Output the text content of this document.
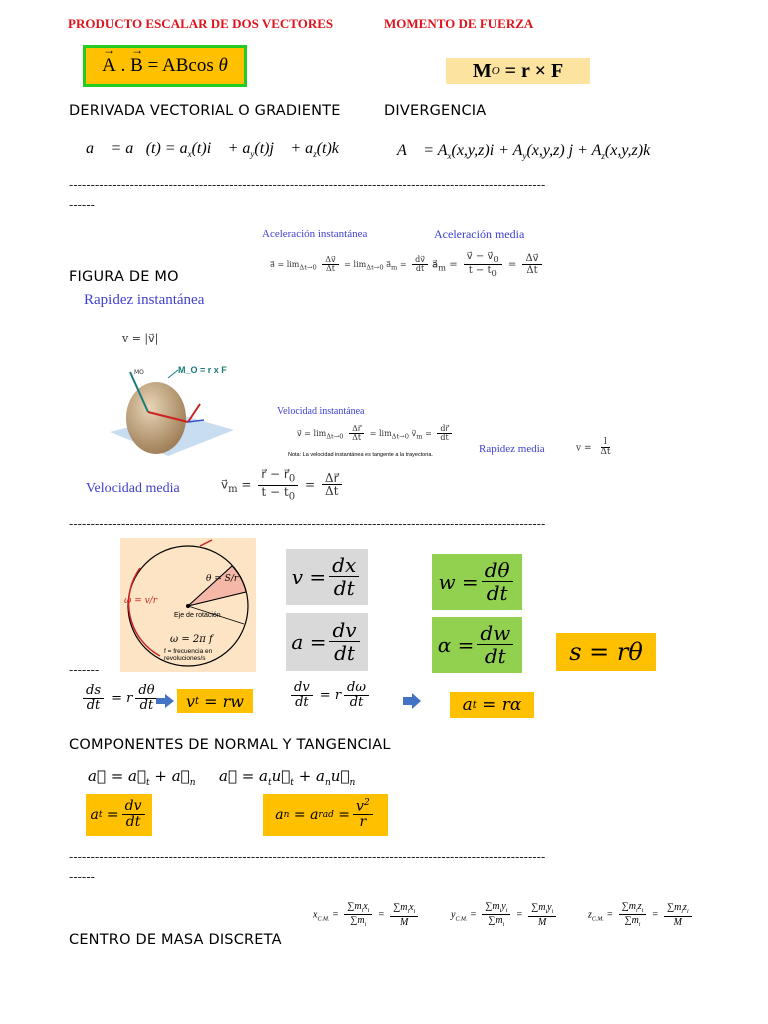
PRODUCTO ESCALAR DE DOS VECTORES	MOMENTO DE FUERZA
A
→
. B
→
= ABcos θ	M O = r × F
DERIVADA VECTORIAL O GRADIENTE	DIVERGENCIA
a⃗ = a⃗(t) = $a_x(t)i⃗$ + $a_y(t)j⃗$ + $a_z(t)k⃗$	A⃗ = $A_x(x,y,z)i + A_y(x,y,z) j + A_z(x,y,z)k$
--------------------------------------------------------------------------------------------------------------
------
Aceleración instantánea
a⃗ = $\lim_{\Delta t\to 0} \frac{\Delta v⃗}{\Delta t} = \lim_{\Delta t\to 0}$ $a⃗_m = \frac{dv⃗}{dt}$
Aceleración media
$a⃗_m = \frac{v⃗ - v⃗_0}{t - t_0} = \frac{\Delta v⃗}{\Delta t}$
FIGURA DE MO
Rapidez instantánea
v = |v⃗|
MO	M_O = r x F
Velocidad instantánea
v⃗ = $\lim_{\Delta t\to 0} \frac{\Delta r⃗}{\Delta t} = \lim_{\Delta t\to 0}$ $v⃗_m = \frac{dr⃗}{dt}$
Nota: La velocidad instantánea es tangente a la trayectoria.	Rapidez media	$v = \frac{l}{\Delta t}$
Velocidad media	$v⃗_m = \frac{r⃗ - r⃗_0}{t - t_0} = \frac{\Delta r⃗}{\Delta t}$
--------------------------------------------------------------------------------------------------------------
θ = S/r
ω = v/r
Eje de rotación
ω = 2π f
f = frecuencia en revoluciones/s
-------
$v = \frac{dx}{dt}$
$a = \frac{dv}{dt}$
$w = \frac{d\theta}{dt}$
$\alpha = \frac{dw}{dt}$	s = rθ
$\frac{ds}{dt} = r \frac{d\theta}{dt}$	v t = rw	$\frac{dv}{dt} = r \frac{d\omega}{dt}$	a t = rα
COMPONENTES DE NORMAL Y TANGENCIAL
a⃗ = $a⃗_t$ + $a⃗_n$ a⃗ = $a_tu⃗_t$ + $a_nu⃗_n$
a $t = \frac{dv}{dt}$	a n = a rad = $\frac{v^2}{r}$
--------------------------------------------------------------------------------------------------------------
------
CENTRO DE MASA DISCRETA
$x_{C.M.} = \frac{\sum m_ix_i}{\sum m_i} = \frac{\sum m_ix_i}{M}$	$y_{C.M.} = \frac{\sum m_iy_i}{\sum m_i} = \frac{\sum m_iy_i}{M}$	$z_{C.M.} = \frac{\sum m_iz_i}{\sum m_i} = \frac{\sum m_iz_i}{M}$
